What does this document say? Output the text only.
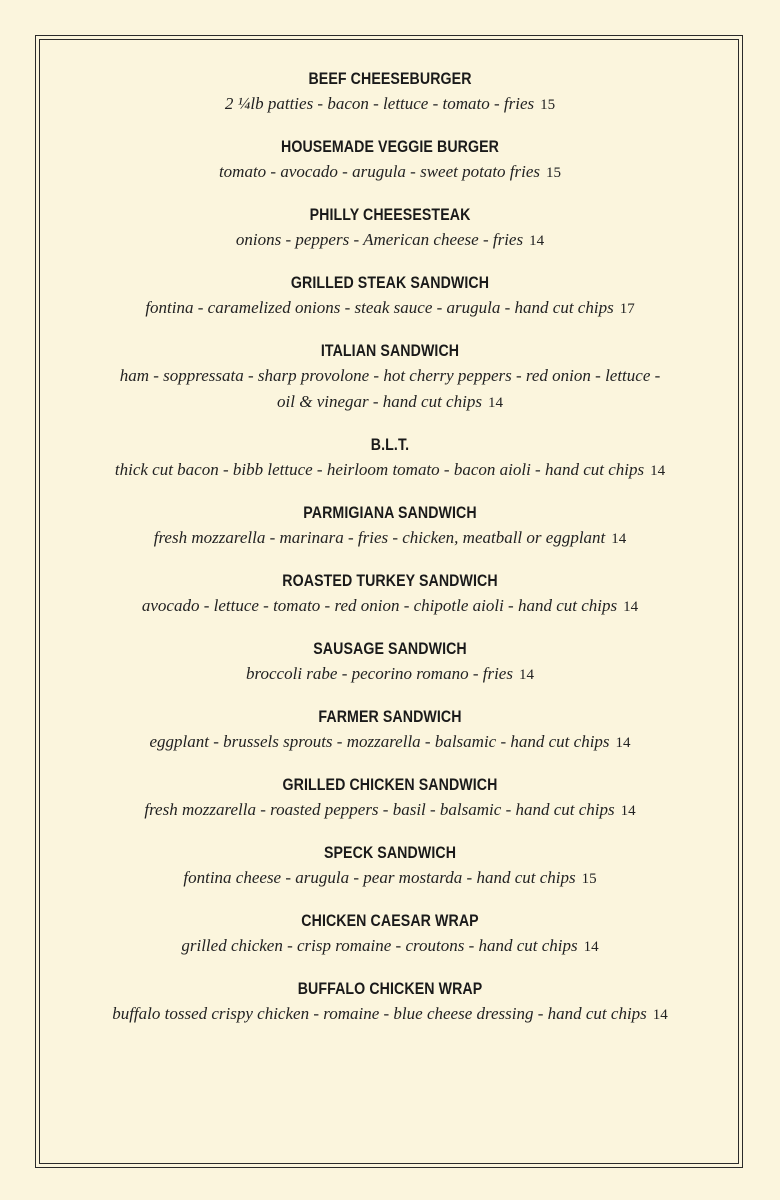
BEEF CHEESEBURGER
2 ¼lb patties - bacon - lettuce - tomato - fries 15
HOUSEMADE VEGGIE BURGER
tomato - avocado - arugula - sweet potato fries 15
PHILLY CHEESESTEAK
onions - peppers - American cheese - fries 14
GRILLED STEAK SANDWICH
fontina - caramelized onions - steak sauce - arugula - hand cut chips 17
ITALIAN SANDWICH
ham - soppressata - sharp provolone - hot cherry peppers - red onion - lettuce -
oil & vinegar - hand cut chips 14
B.L.T.
thick cut bacon - bibb lettuce - heirloom tomato - bacon aioli - hand cut chips 14
PARMIGIANA SANDWICH
fresh mozzarella - marinara - fries - chicken, meatball or eggplant 14
ROASTED TURKEY SANDWICH
avocado - lettuce - tomato - red onion - chipotle aioli - hand cut chips 14
SAUSAGE SANDWICH
broccoli rabe - pecorino romano - fries 14
FARMER SANDWICH
eggplant - brussels sprouts - mozzarella - balsamic - hand cut chips 14
GRILLED CHICKEN SANDWICH
fresh mozzarella - roasted peppers - basil - balsamic - hand cut chips 14
SPECK SANDWICH
fontina cheese - arugula - pear mostarda - hand cut chips 15
CHICKEN CAESAR WRAP
grilled chicken - crisp romaine - croutons - hand cut chips 14
BUFFALO CHICKEN WRAP
buffalo tossed crispy chicken - romaine - blue cheese dressing - hand cut chips 14
